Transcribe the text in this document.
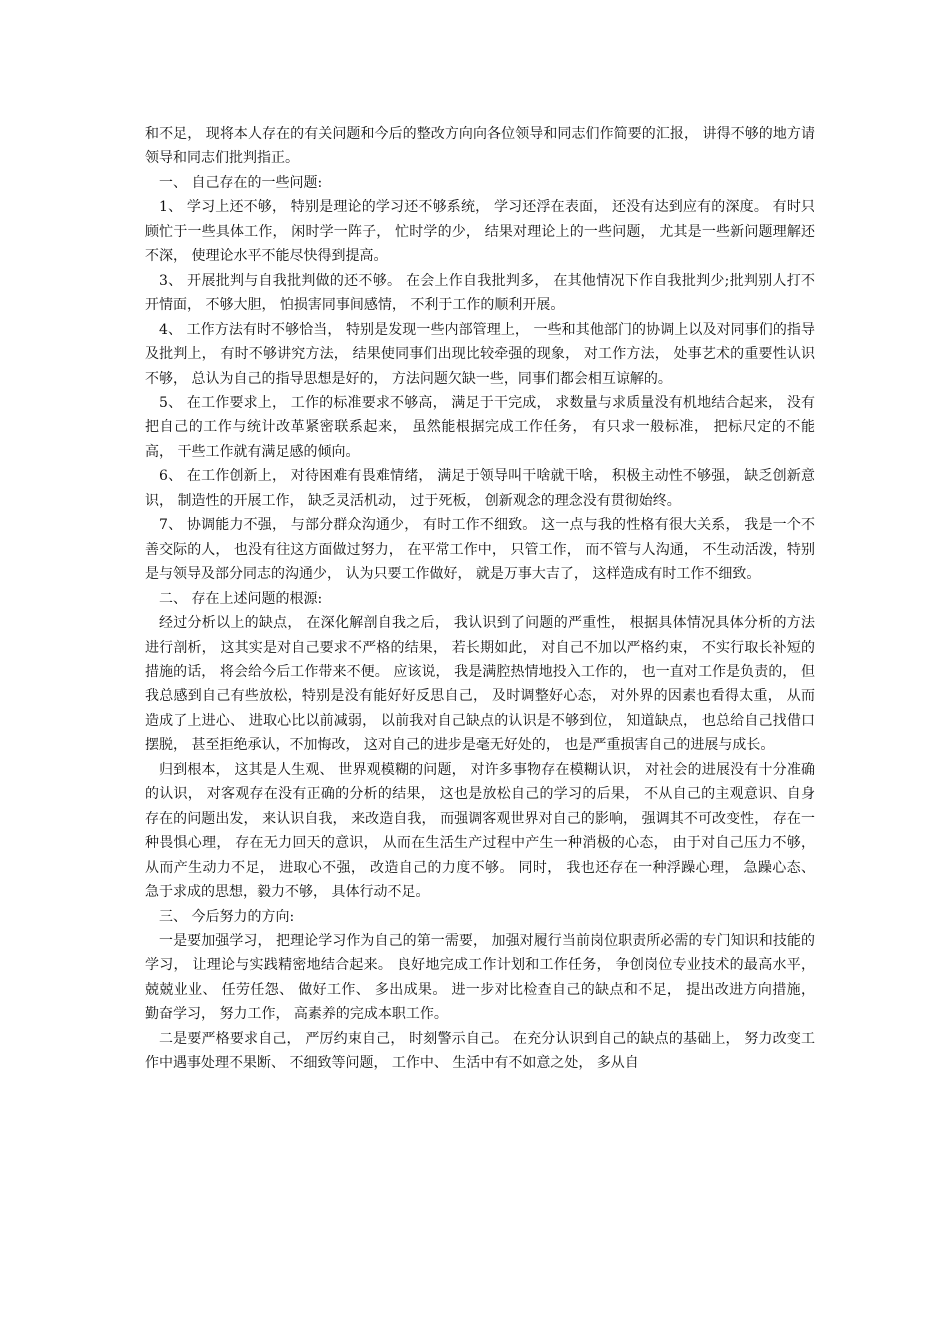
和不足， 现将本人存在的有关问题和今后的整改方向向各位领导和同志们作简要的汇报， 讲得不够的地方请领导和同志们批判指正。

一、 自己存在的一些问题:

1、 学习上还不够， 特别是理论的学习还不够系统， 学习还浮在表面， 还没有达到应有的深度。 有时只顾忙于一些具体工作， 闲时学一阵子， 忙时学的少， 结果对理论上的一些问题， 尤其是一些新问题理解还不深， 使理论水平不能尽快得到提高。

3、 开展批判与自我批判做的还不够。 在会上作自我批判多， 在其他情况下作自我批判少;批判别人打不开情面， 不够大胆， 怕损害同事间感情， 不利于工作的顺利开展。

4、 工作方法有时不够恰当， 特别是发现一些内部管理上， 一些和其他部门的协调上以及对同事们的指导及批判上， 有时不够讲究方法， 结果使同事们出现比较牵强的现象， 对工作方法， 处事艺术的重要性认识不够， 总认为自己的指导思想是好的， 方法问题欠缺一些，同事们都会相互谅解的。

5、 在工作要求上， 工作的标准要求不够高， 满足于干完成， 求数量与求质量没有机地结合起来， 没有把自己的工作与统计改革紧密联系起来， 虽然能根据完成工作任务， 有只求一般标准， 把标尺定的不能高， 干些工作就有满足感的倾向。

6、 在工作创新上， 对待困难有畏难情绪， 满足于领导叫干啥就干啥， 积极主动性不够强， 缺乏创新意识， 制造性的开展工作， 缺乏灵活机动， 过于死板， 创新观念的理念没有贯彻始终。

7、 协调能力不强， 与部分群众沟通少， 有时工作不细致。 这一点与我的性格有很大关系， 我是一个不善交际的人， 也没有往这方面做过努力， 在平常工作中， 只管工作， 而不管与人沟通， 不生动活泼，特别是与领导及部分同志的沟通少， 认为只要工作做好， 就是万事大吉了， 这样造成有时工作不细致。

二、 存在上述问题的根源:

经过分析以上的缺点， 在深化解剖自我之后， 我认识到了问题的严重性， 根据具体情况具体分析的方法进行剖析， 这其实是对自己要求不严格的结果， 若长期如此， 对自己不加以严格约束， 不实行取长补短的措施的话， 将会给今后工作带来不便。 应该说， 我是满腔热情地投入工作的， 也一直对工作是负责的， 但我总感到自己有些放松，特别是没有能好好反思自己， 及时调整好心态， 对外界的因素也看得太重， 从而造成了上进心、 进取心比以前减弱， 以前我对自己缺点的认识是不够到位， 知道缺点， 也总给自己找借口摆脱， 甚至拒绝承认，不加悔改， 这对自己的进步是毫无好处的， 也是严重损害自己的进展与成长。

归到根本， 这其是人生观、 世界观模糊的问题， 对许多事物存在模糊认识， 对社会的进展没有十分准确的认识， 对客观存在没有正确的分析的结果， 这也是放松自己的学习的后果， 不从自己的主观意识、自身存在的问题出发， 来认识自我， 来改造自我， 而强调客观世界对自己的影响， 强调其不可改变性， 存在一种畏惧心理， 存在无力回天的意识， 从而在生活生产过程中产生一种消极的心态， 由于对自己压力不够， 从而产生动力不足， 进取心不强， 改造自己的力度不够。 同时， 我也还存在一种浮躁心理， 急躁心态、 急于求成的思想，毅力不够， 具体行动不足。

三、 今后努力的方向:

一是要加强学习， 把理论学习作为自己的第一需要， 加强对履行当前岗位职责所必需的专门知识和技能的学习， 让理论与实践精密地结合起来。 良好地完成工作计划和工作任务， 争创岗位专业技术的最高水平， 兢兢业业、 任劳任怨、 做好工作、 多出成果。 进一步对比检查自己的缺点和不足， 提出改进方向措施， 勤奋学习， 努力工作， 高素养的完成本职工作。

二是要严格要求自己， 严厉约束自己， 时刻警示自己。 在充分认识到自己的缺点的基础上， 努力改变工作中遇事处理不果断、 不细致等问题， 工作中、 生活中有不如意之处， 多从自
